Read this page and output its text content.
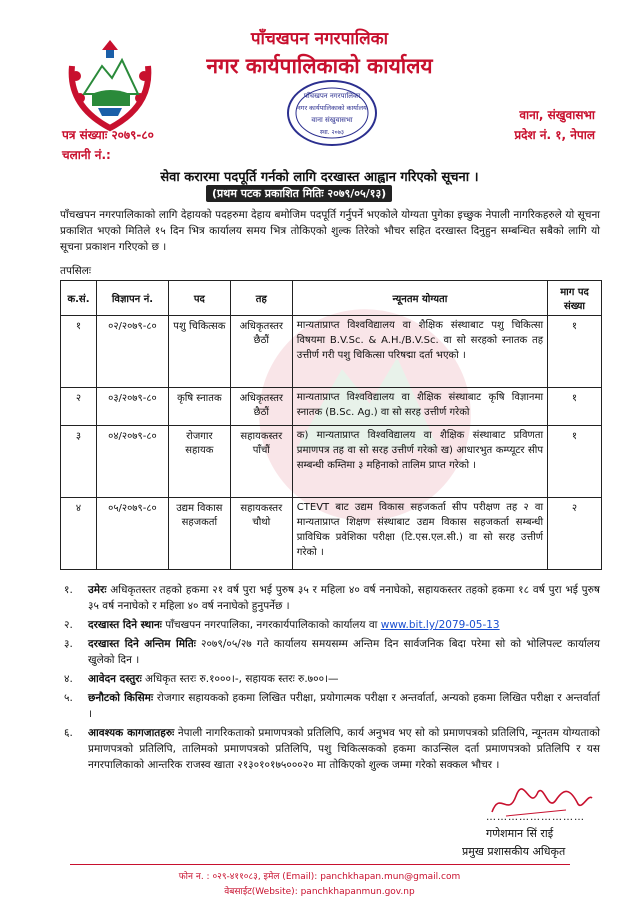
पाँचखपन नगरपालिका
नगर कार्यपालिकाको कार्यालय
पाँचखपन नगरपालिका
नगर कार्यपालिकाको कार्यालय
वाना संखुवासभा
स्था. २०७३
वाना, संखुवासभा
प्रदेश नं. १, नेपाल
पत्र संख्याः २०७९-८०
चलानी नं.:
सेवा करारमा पदपूर्ति गर्नको लागि दरखास्त आह्वान गरिएको सूचना ।
(प्रथम पटक प्रकाशित मितिः २०७९/०५/१३)
पाँचखपन नगरपालिकाको लागि देहायको पदहरुमा देहाय बमोजिम पदपूर्ति गर्नुपर्ने भएकोले योग्यता पुगेका इच्छुक नेपाली नागरिकहरुले यो सूचना प्रकाशित भएको मितिले १५ दिन भित्र कार्यालय समय भित्र तोकिएको शुल्क तिरेको भौचर सहित दरखास्त दिनुहुन सम्बन्धित सबैको लागि यो सूचना प्रकाशन गरिएको छ ।
तपसिलः
क.सं.	विज्ञापन नं.	पद	तह	न्यूनतम योग्यता	माग पद संख्या
१	०२/२०७९-८०	पशु चिकित्सक	अधिकृतस्तर छैठौं	मान्यताप्राप्त विश्वविद्यालय वा शैक्षिक संस्थाबाट पशु चिकित्सा विषयमा B.V.Sc. & A.H./B.V.Sc. वा सो सरहको स्नातक तह उत्तीर्ण गरी पशु चिकित्सा परिषद्मा दर्ता भएको ।	१
२	०३/२०७९-८०	कृषि स्नातक	अधिकृतस्तर छैठौं	मान्यताप्राप्त विश्वविद्यालय वा शैक्षिक संस्थाबाट कृषि विज्ञानमा स्नातक (B.Sc. Ag.) वा सो सरह उत्तीर्ण गरेको	१
३	०४/२०७९-८०	रोजगार सहायक	सहायकस्तर पाँचौं	क) मान्यताप्राप्त विश्वविद्यालय वा शैक्षिक संस्थाबाट प्रविणता प्रमाणपत्र तह वा सो सरह उत्तीर्ण गरेको ख) आधारभुत कम्प्यूटर सीप सम्बन्धी कम्तिमा ३ महिनाको तालिम प्राप्त गरेको ।	१
४	०५/२०७९-८०	उद्यम विकास सहजकर्ता	सहायकस्तर चौथो	CTEVT बाट उद्यम विकास सहजकर्ता सीप परीक्षण तह २ वा मान्यताप्राप्त शिक्षण संस्थाबाट उद्यम विकास सहजकर्ता सम्बन्धी प्राविधिक प्रवेशिका परीक्षा (टि.एस.एल.सी.) वा सो सरह उत्तीर्ण गरेको ।	२
१. उमेरः अधिकृतस्तर तहको हकमा २१ वर्ष पुरा भई पुरुष ३५ र महिला ४० वर्ष ननाघेको, सहायकस्तर तहको हकमा १८ वर्ष पुरा भई पुरुष ३५ वर्ष ननाघेको र महिला ४० वर्ष ननाघेको हुनुपर्नेछ ।
२. दरखास्त दिने स्थानः पाँचखपन नगरपालिका, नगरकार्यपालिकाको कार्यालय वा www.bit.ly/2079-05-13
३. दरखास्त दिने अन्तिम मितिः २०७९/०५/२७ गते कार्यालय समयसम्म अन्तिम दिन सार्वजनिक बिदा परेमा सो को भोलिपल्ट कार्यालय खुलेको दिन ।
४. आवेदन दस्तुरः अधिकृत स्तरः रु.१०००।-, सहायक स्तरः रु.७००।—
५. छनौटको किसिमः रोजगार सहायकको हकमा लिखित परीक्षा, प्रयोगात्मक परीक्षा र अन्तर्वार्ता, अन्यको हकमा लिखित परीक्षा र अन्तर्वार्ता ।
६. आवश्यक कागजातहरुः नेपाली नागरिकताको प्रमाणपत्रको प्रतिलिपि, कार्य अनुभव भए सो को प्रमाणपत्रको प्रतिलिपि, न्यूनतम योग्यताको प्रमाणपत्रको प्रतिलिपि, तालिमको प्रमाणपत्रको प्रतिलिपि, पशु चिकित्सकको हकमा काउन्सिल दर्ता प्रमाणपत्रको प्रतिलिपि र यस नगरपालिकाको आन्तरिक राजस्व खाता २१३०१०१७५०००२० मा तोकिएको शुल्क जम्मा गरेको सक्कल भौचर ।
………………………
गणेशमान सिं राई
प्रमुख प्रशासकीय अधिकृत
फोन न. : ०२९-४११०८३, इमेल (Email): panchkhapan.mun@gmail.com
वेबसाईट(Website): panchkhapanmun.gov.np
